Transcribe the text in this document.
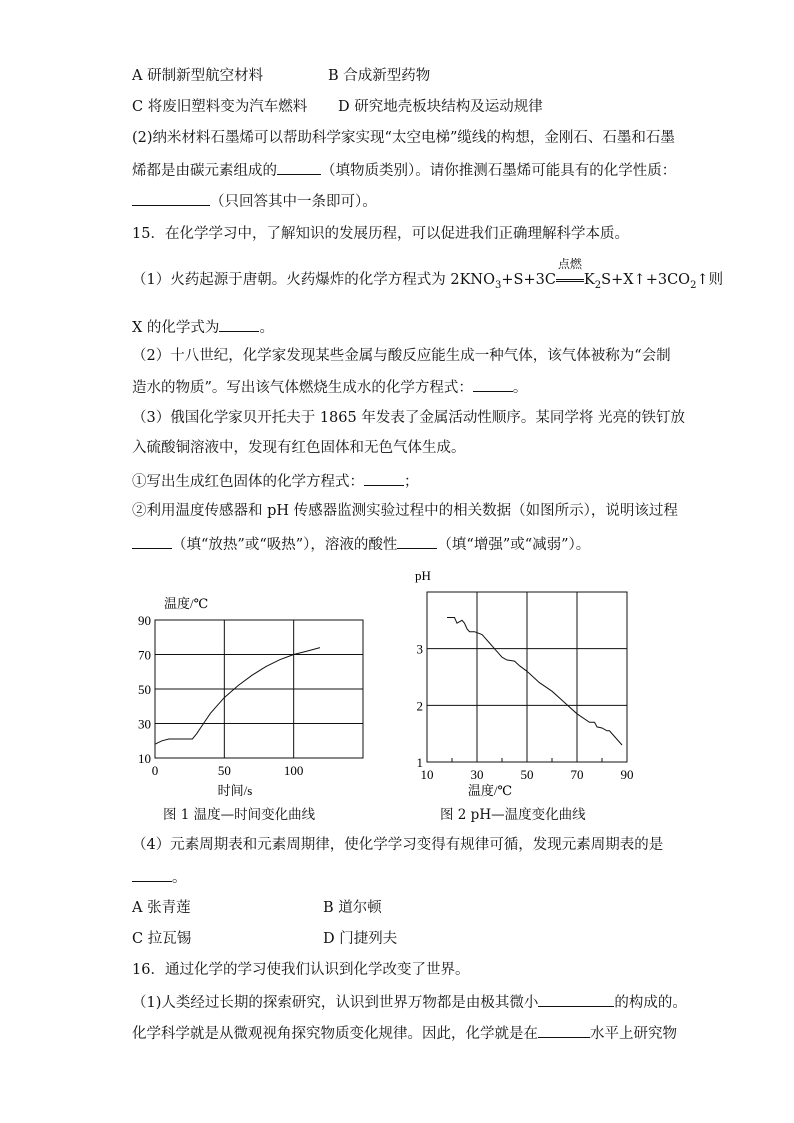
A 研制新型航空材料	B 合成新型药物
C 将废旧塑料变为汽车燃料 D 研究地壳板块结构及运动规律
(2)纳米材料石墨烯可以帮助科学家实现“太空电梯”缆线的构想，金刚石、石墨和石墨
烯都是由碳元素组成的	（填物质类别）。请你推测石墨烯可能具有的化学性质：
（只回答其中一条即可）。
15．在化学学习中，了解知识的发展历程，可以促进我们正确理解科学本质。
（1）火药起源于唐朝。火药爆炸的化学方程式为 $2KNO_3+S+3C$
点燃
$K_2S+X↑+3CO_2↑$则
X 的化学式为	。
（2）十八世纪，化学家发现某些金属与酸反应能生成一种气体，该气体被称为“会制
造水的物质”。写出该气体燃烧生成水的化学方程式：	。
（3）俄国化学家贝开托夫于 1865 年发表了金属活动性顺序。某同学将 光亮的铁钉放
入硫酸铜溶液中，发现有红色固体和无色气体生成。
①写出生成红色固体的化学方程式：	；
②利用温度传感器和 pH 传感器监测实验过程中的相关数据（如图所示），说明该过程
（填“放热”或“吸热”），溶液的酸性	（填“增强”或“减弱”）。
0	50	100
10
30
50
70
90
温度/℃
时间/s
10	30	50	70	90
1
2
3
pH
温度/℃
图 1 温度—时间变化曲线	图 2 pH—温度变化曲线
（4）元素周期表和元素周期律，使化学学习变得有规律可循，发现元素周期表的是
。
A 张青莲	B 道尔顿
C 拉瓦锡	D 门捷列夫
16．通过化学的学习使我们认识到化学改变了世界。
（1)人类经过长期的探索研究，认识到世界万物都是由极其微小	的构成的。
化学科学就是从微观视角探究物质变化规律。因此，化学就是在	水平上研究物
